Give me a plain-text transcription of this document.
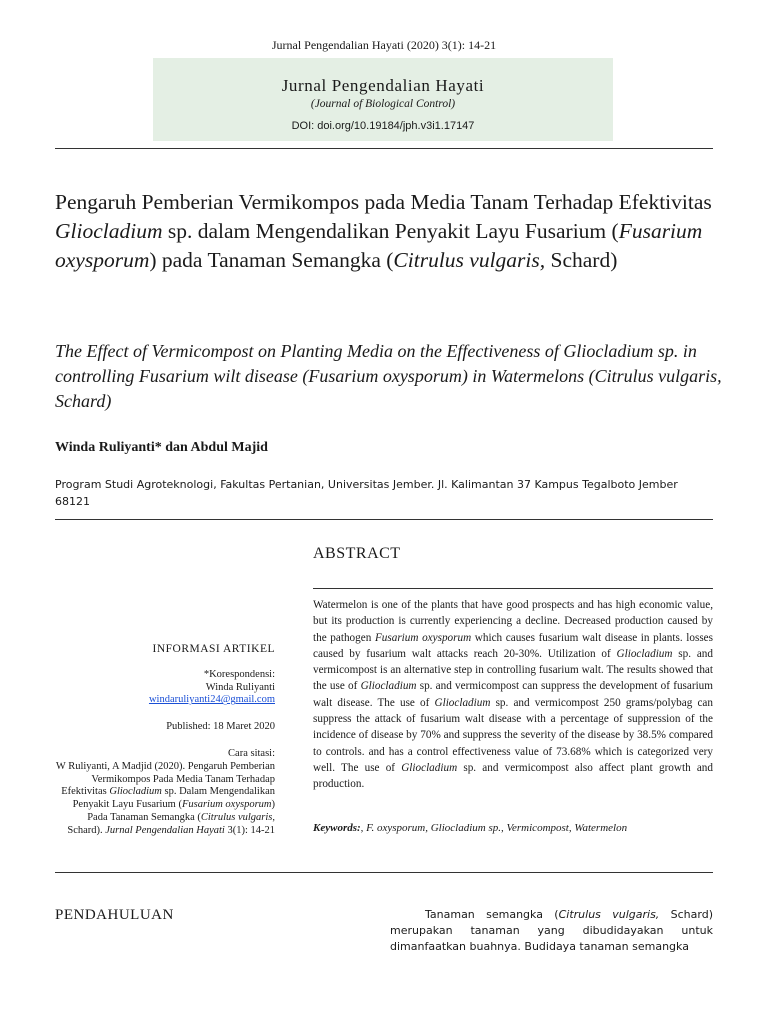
Jurnal Pengendalian Hayati (2020) 3(1): 14-21
Jurnal Pengendalian Hayati
(Journal of Biological Control)
DOI: doi.org/10.19184/jph.v3i1.17147
Pengaruh Pemberian Vermikompos pada Media Tanam Terhadap Efektivitas Gliocladium sp. dalam Mengendalikan Penyakit Layu Fusarium (Fusarium oxysporum) pada Tanaman Semangka (Citrulus vulgaris, Schard)
The Effect of Vermicompost on Planting Media on the Effectiveness of Gliocladium sp. in controlling Fusarium wilt disease (Fusarium oxysporum) in Watermelons (Citrulus vulgaris, Schard)
Winda Ruliyanti* dan Abdul Majid
Program Studi Agroteknologi, Fakultas Pertanian, Universitas Jember. Jl. Kalimantan 37 Kampus Tegalboto Jember 68121
ABSTRACT
Watermelon is one of the plants that have good prospects and has high economic value, but its production is currently experiencing a decline. Decreased production caused by the pathogen Fusarium oxysporum which causes fusarium walt disease in plants. losses caused by fusarium walt attacks reach 20-30%. Utilization of Gliocladium sp. and vermicompost is an alternative step in controlling fusarium walt. The results showed that the use of Gliocladium sp. and vermicompost can suppress the development of fusarium walt disease. The use of Gliocladium sp. and vermicompost 250 grams/polybag can suppress the attack of fusarium walt disease with a percentage of suppression of the incidence of disease by 70% and suppress the severity of the disease by 38.5% compared to controls. and has a control effectiveness value of 73.68% which is categorized very well. The use of Gliocladium sp. and vermicompost also affect plant growth and production.
Keywords:, F. oxysporum, Gliocladium sp., Vermicompost, Watermelon
INFORMASI ARTIKEL
*Korespondensi:
Winda Ruliyanti
windaruliyanti24@gmail.com
Published: 18 Maret 2020
Cara sitasi:
W Ruliyanti, A Madjid (2020). Pengaruh Pemberian Vermikompos Pada Media Tanam Terhadap Efektivitas Gliocladium sp. Dalam Mengendalikan Penyakit Layu Fusarium (Fusarium oxysporum) Pada Tanaman Semangka (Citrulus vulgaris, Schard). Jurnal Pengendalian Hayati 3(1): 14-21
PENDAHULUAN	Tanaman semangka (Citrulus vulgaris, Schard) merupakan tanaman yang dibudidayakan untuk dimanfaatkan buahnya. Budidaya tanaman semangka
